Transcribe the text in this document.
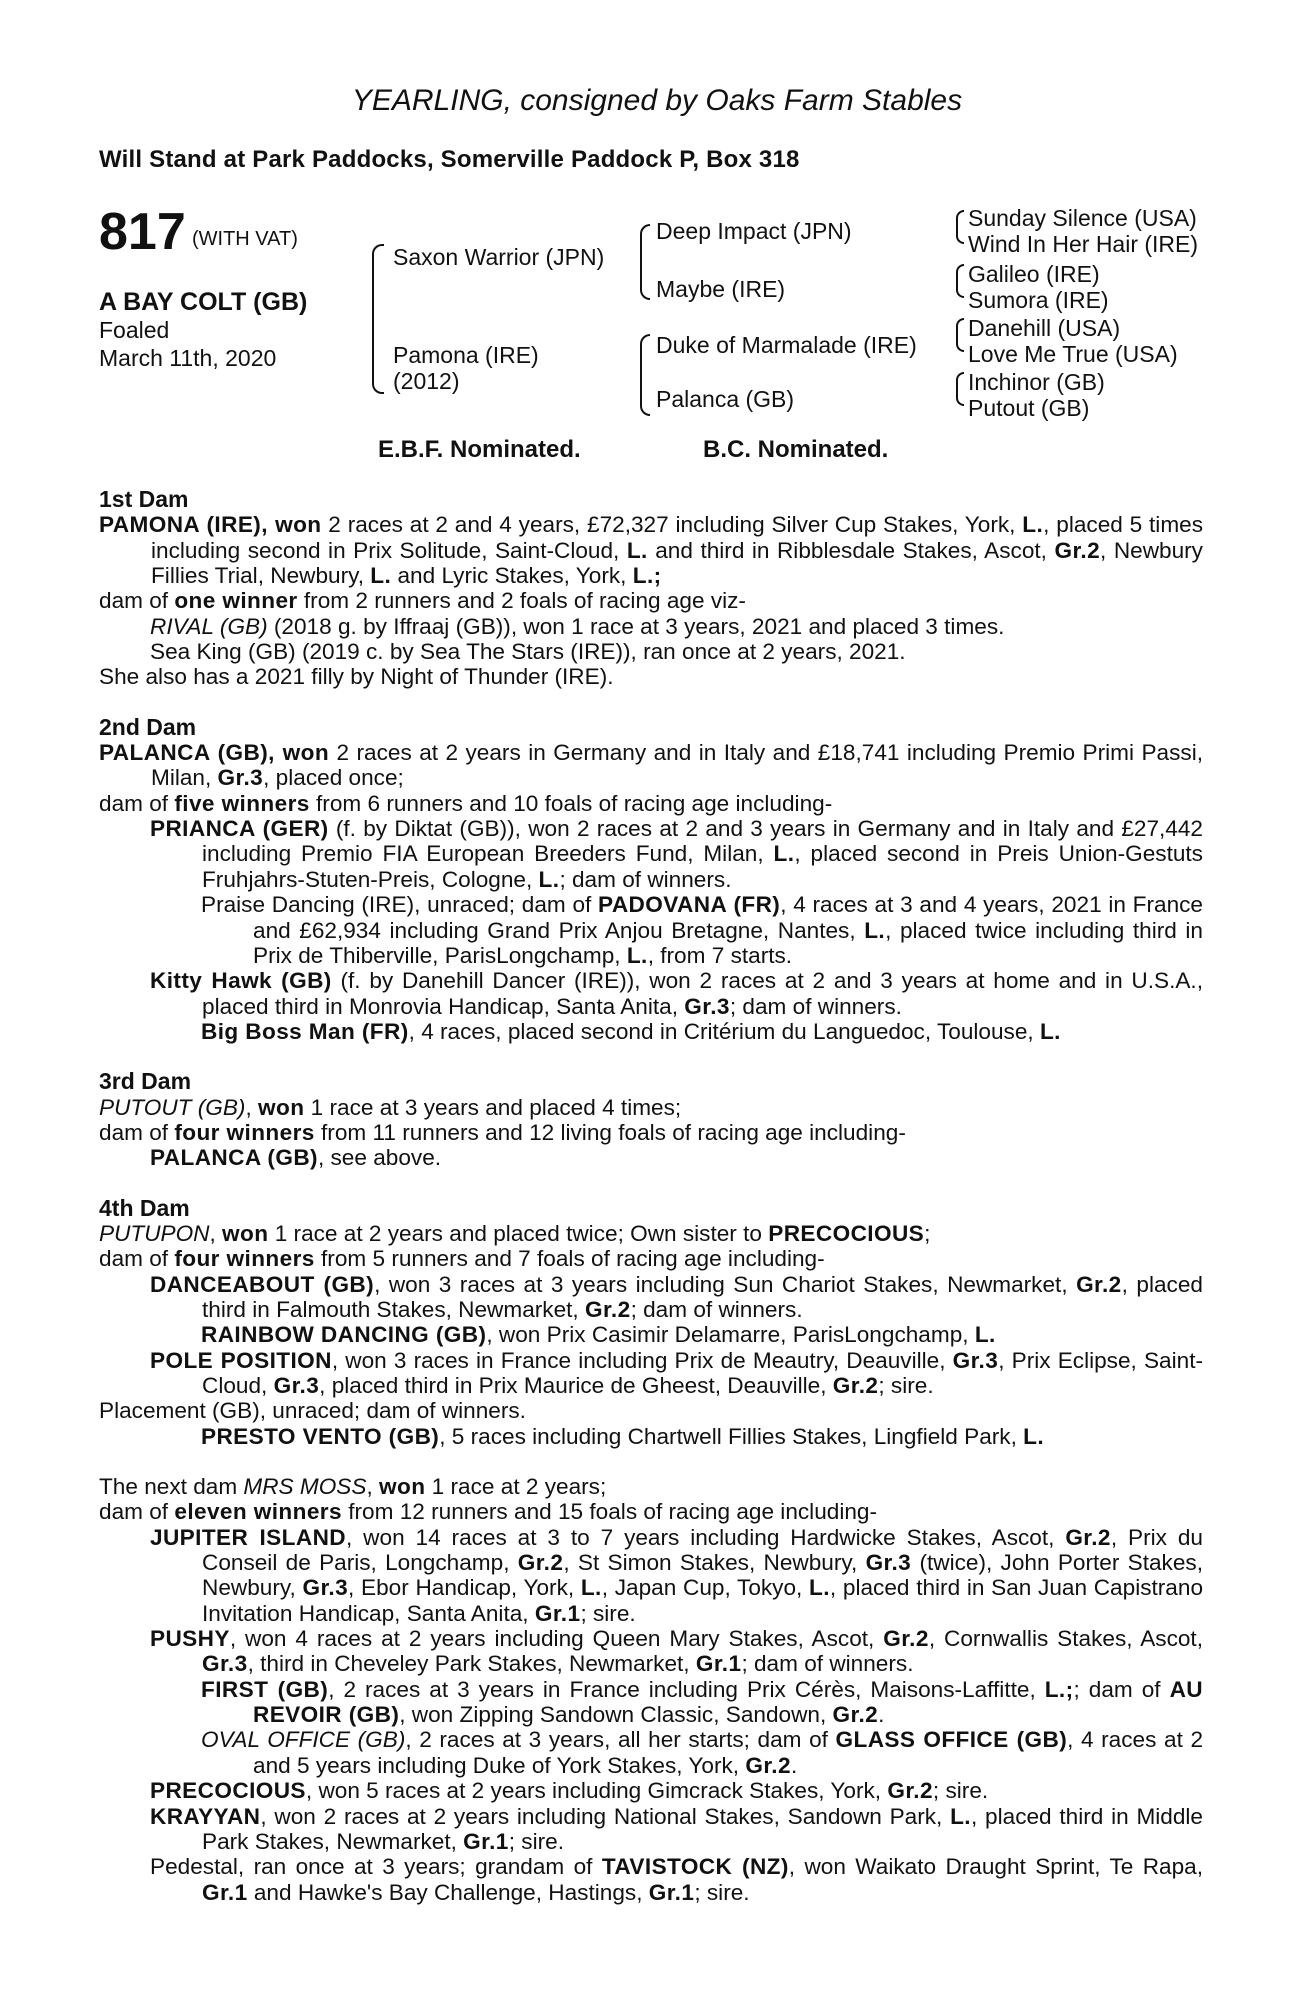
YEARLING, consigned by Oaks Farm Stables
Will Stand at Park Paddocks, Somerville Paddock P, Box 318
817 (WITH VAT)
A BAY COLT (GB)
Foaled
March 11th, 2020
Saxon Warrior (JPN)
Pamona (IRE)
(2012)
Deep Impact (JPN)
Maybe (IRE)
Duke of Marmalade (IRE)
Palanca (GB)
Sunday Silence (USA)
Wind In Her Hair (IRE)
Galileo (IRE)
Sumora (IRE)
Danehill (USA)
Love Me True (USA)
Inchinor (GB)
Putout (GB)
E.B.F. Nominated.	B.C. Nominated.
1st Dam

PAMONA (IRE), won 2 races at 2 and 4 years, £72,327 including Silver Cup Stakes, York, L., placed 5 times including second in Prix Solitude, Saint-Cloud, L. and third in Ribblesdale Stakes, Ascot, Gr.2, Newbury Fillies Trial, Newbury, L. and Lyric Stakes, York, L.;

dam of one winner from 2 runners and 2 foals of racing age viz-

RIVAL (GB) (2018 g. by Iffraaj (GB)), won 1 race at 3 years, 2021 and placed 3 times.

Sea King (GB) (2019 c. by Sea The Stars (IRE)), ran once at 2 years, 2021.

She also has a 2021 filly by Night of Thunder (IRE).

2nd Dam

PALANCA (GB), won 2 races at 2 years in Germany and in Italy and £18,741 including Premio Primi Passi, Milan, Gr.3, placed once;

dam of five winners from 6 runners and 10 foals of racing age including-

PRIANCA (GER) (f. by Diktat (GB)), won 2 races at 2 and 3 years in Germany and in Italy and £27,442 including Premio FIA European Breeders Fund, Milan, L., placed second in Preis Union-Gestuts Fruhjahrs-Stuten-Preis, Cologne, L.; dam of winners.

Praise Dancing (IRE), unraced; dam of PADOVANA (FR), 4 races at 3 and 4 years, 2021 in France and £62,934 including Grand Prix Anjou Bretagne, Nantes, L., placed twice including third in Prix de Thiberville, ParisLongchamp, L., from 7 starts.

Kitty Hawk (GB) (f. by Danehill Dancer (IRE)), won 2 races at 2 and 3 years at home and in U.S.A., placed third in Monrovia Handicap, Santa Anita, Gr.3; dam of winners.

Big Boss Man (FR), 4 races, placed second in Critérium du Languedoc, Toulouse, L.

3rd Dam

PUTOUT (GB), won 1 race at 3 years and placed 4 times;

dam of four winners from 11 runners and 12 living foals of racing age including-

PALANCA (GB), see above.

4th Dam

PUTUPON, won 1 race at 2 years and placed twice; Own sister to PRECOCIOUS;

dam of four winners from 5 runners and 7 foals of racing age including-

DANCEABOUT (GB), won 3 races at 3 years including Sun Chariot Stakes, Newmarket, Gr.2, placed third in Falmouth Stakes, Newmarket, Gr.2; dam of winners.

RAINBOW DANCING (GB), won Prix Casimir Delamarre, ParisLongchamp, L.

POLE POSITION, won 3 races in France including Prix de Meautry, Deauville, Gr.3, Prix Eclipse, Saint-Cloud, Gr.3, placed third in Prix Maurice de Gheest, Deauville, Gr.2; sire.

Placement (GB), unraced; dam of winners.

PRESTO VENTO (GB), 5 races including Chartwell Fillies Stakes, Lingfield Park, L.

The next dam MRS MOSS, won 1 race at 2 years;

dam of eleven winners from 12 runners and 15 foals of racing age including-

JUPITER ISLAND, won 14 races at 3 to 7 years including Hardwicke Stakes, Ascot, Gr.2, Prix du Conseil de Paris, Longchamp, Gr.2, St Simon Stakes, Newbury, Gr.3 (twice), John Porter Stakes, Newbury, Gr.3, Ebor Handicap, York, L., Japan Cup, Tokyo, L., placed third in San Juan Capistrano Invitation Handicap, Santa Anita, Gr.1; sire.

PUSHY, won 4 races at 2 years including Queen Mary Stakes, Ascot, Gr.2, Cornwallis Stakes, Ascot, Gr.3, third in Cheveley Park Stakes, Newmarket, Gr.1; dam of winners.

FIRST (GB), 2 races at 3 years in France including Prix Cérès, Maisons-Laffitte, L.;; dam of AU REVOIR (GB), won Zipping Sandown Classic, Sandown, Gr.2.

OVAL OFFICE (GB), 2 races at 3 years, all her starts; dam of GLASS OFFICE (GB), 4 races at 2 and 5 years including Duke of York Stakes, York, Gr.2.

PRECOCIOUS, won 5 races at 2 years including Gimcrack Stakes, York, Gr.2; sire.

KRAYYAN, won 2 races at 2 years including National Stakes, Sandown Park, L., placed third in Middle Park Stakes, Newmarket, Gr.1; sire.

Pedestal, ran once at 3 years; grandam of TAVISTOCK (NZ), won Waikato Draught Sprint, Te Rapa, Gr.1 and Hawke's Bay Challenge, Hastings, Gr.1; sire.
